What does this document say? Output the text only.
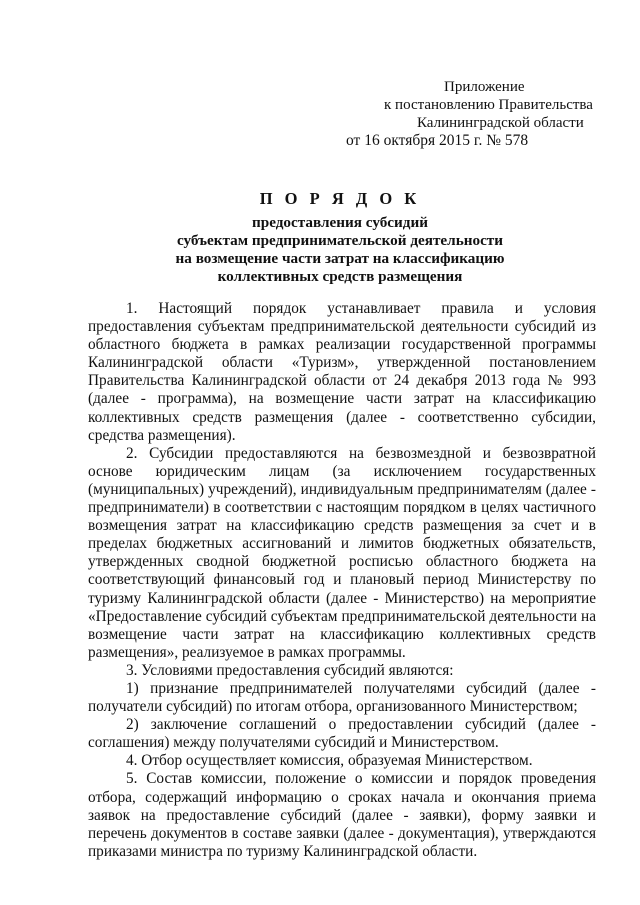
Приложение
к постановлению Правительства
Калининградской области
от 16 октября 2015 г. № 578
П О Р Я Д О К
предоставления субсидий
субъектам предпринимательской деятельности
на возмещение части затрат на классификацию
коллективных средств размещения

1. Настоящий порядок устанавливает правила и условия предоставления субъектам предпринимательской деятельности субсидий из областного бюджета в рамках реализации государственной программы Калининградской области «Туризм», утвержденной постановлением Правительства Калининградской области от 24 декабря 2013 года № 993 (далее - программа), на возмещение части затрат на классификацию коллективных средств размещения (далее - соответственно субсидии, средства размещения).

2. Субсидии предоставляются на безвозмездной и безвозвратной основе юридическим лицам (за исключением государственных (муниципальных) учреждений), индивидуальным предпринимателям (далее - предприниматели) в соответствии с настоящим порядком в целях частичного возмещения затрат на классификацию средств размещения за счет и в пределах бюджетных ассигнований и лимитов бюджетных обязательств, утвержденных сводной бюджетной росписью областного бюджета на соответствующий финансовый год и плановый период Министерству по туризму Калининградской области (далее - Министерство) на мероприятие «Предоставление субсидий субъектам предпринимательской деятельности на возмещение части затрат на классификацию коллективных средств размещения», реализуемое в рамках программы.

3. Условиями предоставления субсидий являются:

1) признание предпринимателей получателями субсидий (далее - получатели субсидий) по итогам отбора, организованного Министерством;

2) заключение соглашений о предоставлении субсидий (далее - соглашения) между получателями субсидий и Министерством.

4. Отбор осуществляет комиссия, образуемая Министерством.

5. Состав комиссии, положение о комиссии и порядок проведения отбора, содержащий информацию о сроках начала и окончания приема заявок на предоставление субсидий (далее - заявки), форму заявки и перечень документов в составе заявки (далее - документация), утверждаются приказами министра по туризму Калининградской области.
